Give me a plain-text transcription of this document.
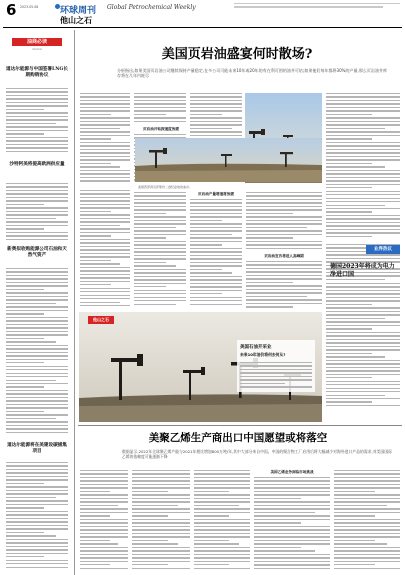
6 2023.05.08 环球周刊 Global Petrochemical Weekly
他山之石
油商必读
Global
道达尔能源与中国签署LNG长期购销协议
沙特阿美将提高欧洲供应量
新奥拟收购能源公司石油和天然气资产
道达尔能源将在美建设碳捕集项目
美国页岩油盛宴何时散场?
分析指出,如果美国页岩油公司继续保持产量稳定,在多公司可能未来10年或20年的有在利可图的油井可钻;如果他们每年都将30%的产量,那么页岩油井库存将在几年内耗尽
页岩油井钻探速度放缓
美国西部得克萨斯州二叠纪盆地的油井。
页岩油产量增速将放缓
页岩油宣告将进入高峰期
业界热议
德国2023年将成为电力净进口国
他山之石
美国石油开采业
未来10年油价将何去何从?
美聚乙烯生产商出口中国愿望或将落空
数据显示,2022年全球聚乙烯产能与2021年相比增加800万吨/年,其中大部分来自中国。中国的聚合物工厂启用后将大幅减少对海外进口产品的需求,对美国国际乙烯的依赖度可能逐渐下降
美国乙烯业务面临市场挑战
